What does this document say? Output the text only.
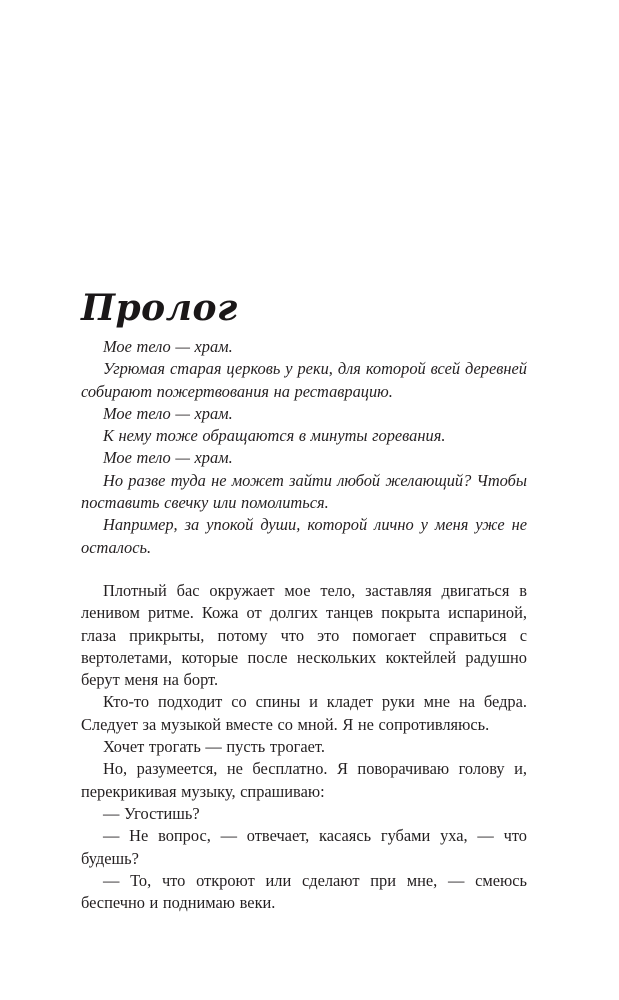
Пролог

Мое тело — храм.

Угрюмая старая церковь у реки, для которой всей деревней собирают пожертвования на реставрацию.

Мое тело — храм.

К нему тоже обращаются в минуты горевания.

Мое тело — храм.

Но разве туда не может зайти любой желающий? Чтобы поставить свечку или помолиться.

Например, за упокой души, которой лично у меня уже не осталось.

Плотный бас окружает мое тело, заставляя двигаться в ленивом ритме. Кожа от долгих танцев покрыта испариной, глаза прикрыты, потому что это помогает справиться с вертолетами, которые после нескольких коктейлей радушно берут меня на борт.

Кто-то подходит со спины и кладет руки мне на бедра. Следует за музыкой вместе со мной. Я не сопротивляюсь.

Хочет трогать — пусть трогает.

Но, разумеется, не бесплатно. Я поворачиваю голову и, перекрикивая музыку, спрашиваю:

— Угостишь?

— Не вопрос, — отвечает, касаясь губами уха, — что будешь?

— То, что откроют или сделают при мне, — смеюсь беспечно и поднимаю веки.
